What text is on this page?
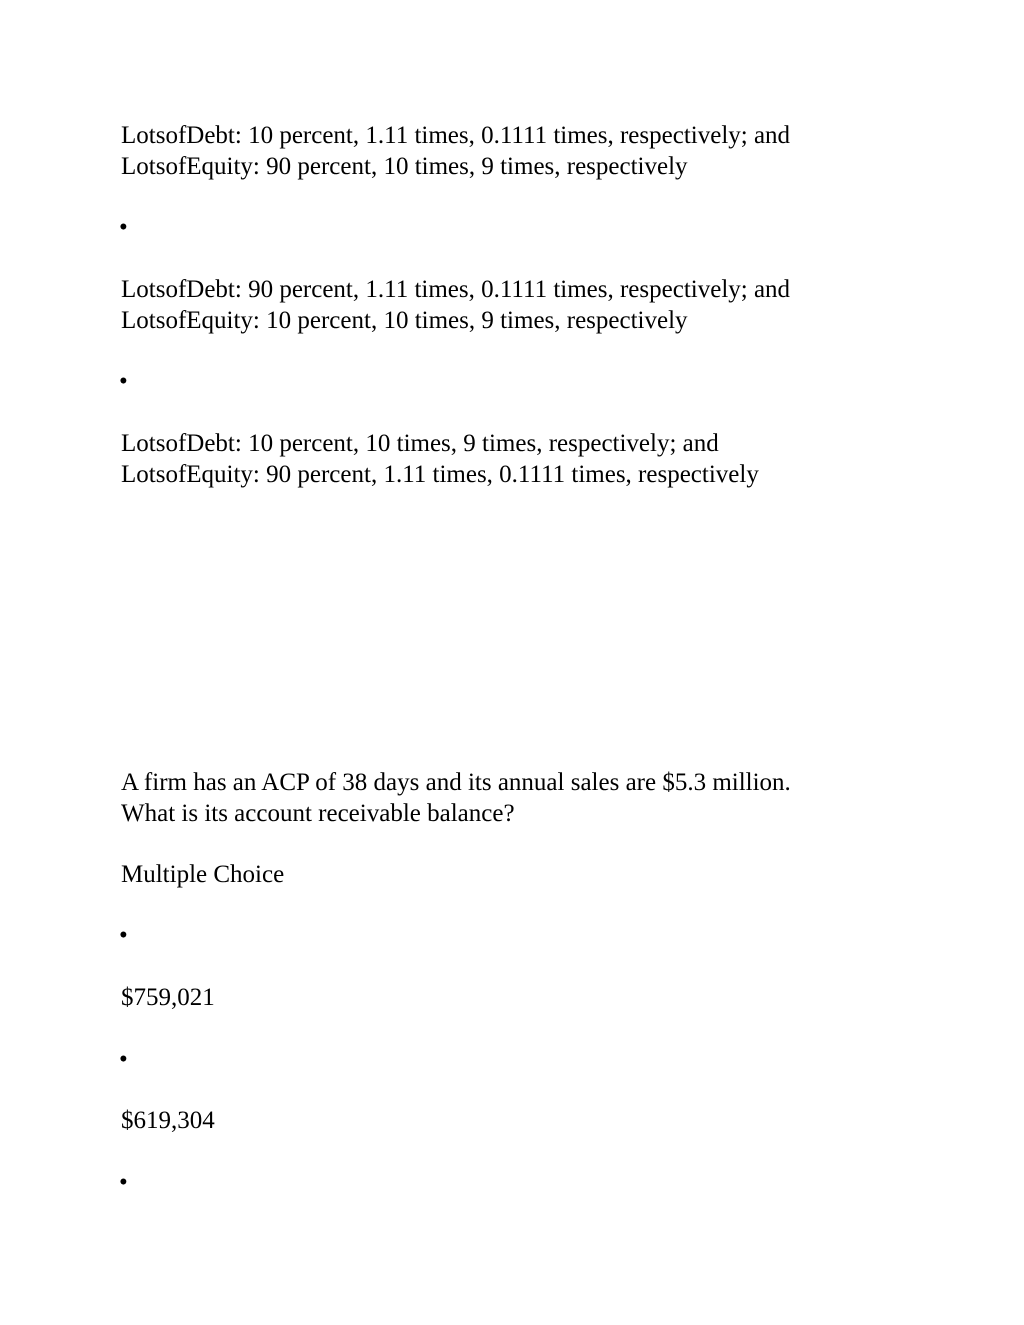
LotsofDebt: 10 percent, 1.11 times, 0.1111 times, respectively; and

LotsofEquity: 90 percent, 10 times, 9 times, respectively

•

LotsofDebt: 90 percent, 1.11 times, 0.1111 times, respectively; and

LotsofEquity: 10 percent, 10 times, 9 times, respectively

•

LotsofDebt: 10 percent, 10 times, 9 times, respectively; and

LotsofEquity: 90 percent, 1.11 times, 0.1111 times, respectively

A firm has an ACP of 38 days and its annual sales are $5.3 million.

What is its account receivable balance?

Multiple Choice

•

$759,021

•

$619,304

•
